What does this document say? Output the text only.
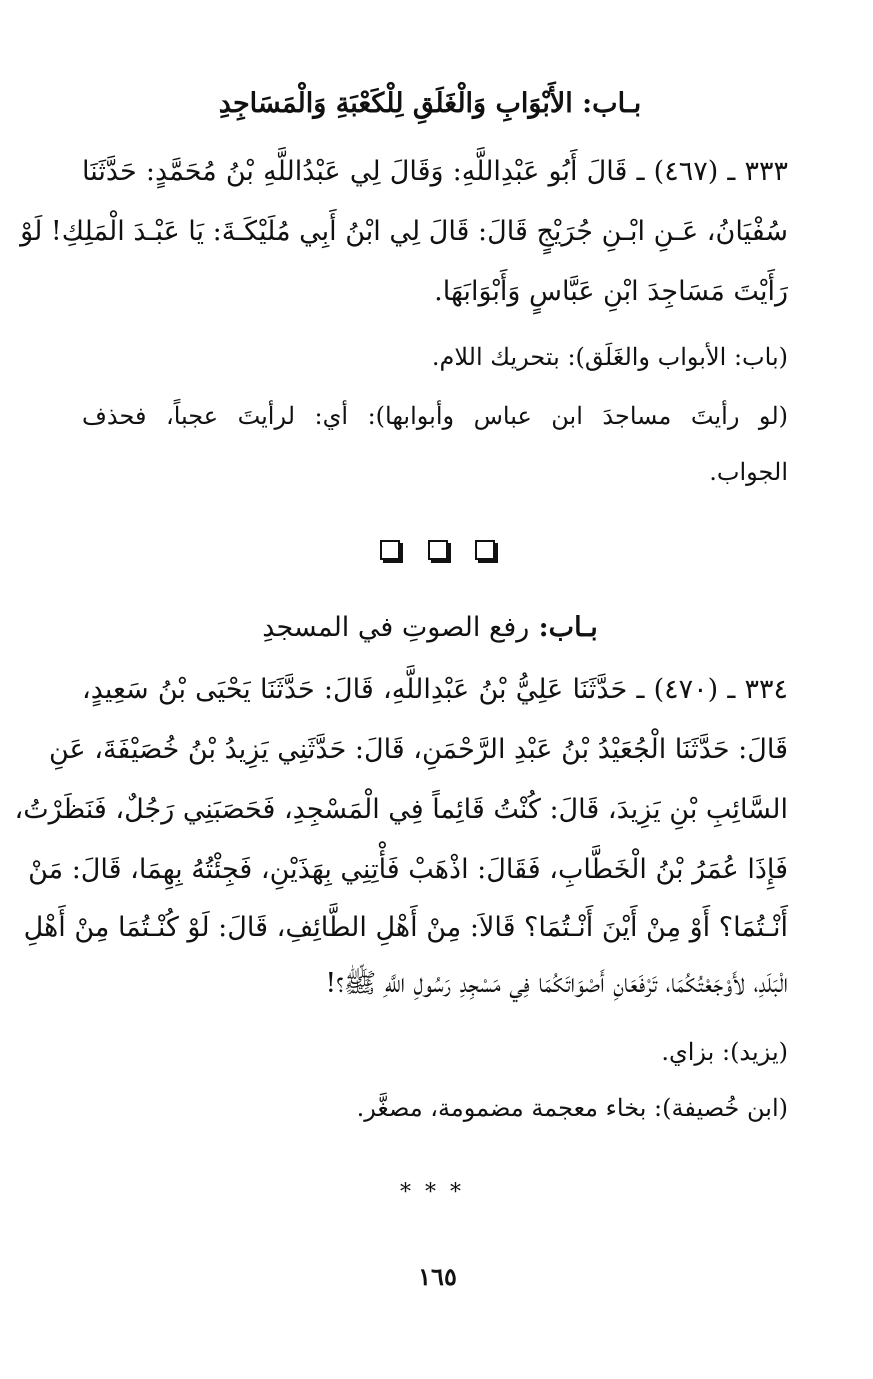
بـاب: الأَبْوَابِ وَالْغَلَقِ لِلْكَعْبَةِ وَالْمَسَاجِدِ
٣٣٣ ـ (٤٦٧) ـ قَالَ أَبُو عَبْدِاللَّهِ: وَقَالَ لِي عَبْدُاللَّهِ بْنُ مُحَمَّدٍ: حَدَّثَنَا
سُفْيَانُ، عَـنِ ابْـنِ جُرَيْجٍ قَالَ: قَالَ لِي ابْنُ أَبِي مُلَيْكَـةَ: يَا عَبْـدَ الْمَلِكِ! لَوْ
رَأَيْتَ مَسَاجِدَ ابْنِ عَبَّاسٍ وَأَبْوَابَهَا.
(باب: الأبواب والغَلَق): بتحريك اللام.
(لو رأيتَ مساجدَ ابن عباس وأبوابها): أي: لرأيتَ عجباً، فحذف
الجواب.
بـاب: رفع الصوتِ في المسجدِ
٣٣٤ ـ (٤٧٠) ـ حَدَّثَنَا عَلِيُّ بْنُ عَبْدِاللَّهِ، قَالَ: حَدَّثَنَا يَحْيَى بْنُ سَعِيدٍ،
قَالَ: حَدَّثَنَا الْجُعَيْدُ بْنُ عَبْدِ الرَّحْمَنِ، قَالَ: حَدَّثَنِي يَزِيدُ بْنُ خُصَيْفَةَ، عَنِ
السَّائِبِ بْنِ يَزِيدَ، قَالَ: كُنْتُ قَائِماً فِي الْمَسْجِدِ، فَحَصَبَنِي رَجُلٌ، فَنَظَرْتُ،
فَإِذَا عُمَرُ بْنُ الْخَطَّابِ، فَقَالَ: اذْهَبْ فَأْتِنِي بِهَذَيْنِ، فَجِئْتُهُ بِهِمَا، قَالَ: مَنْ
أَنْـتُمَا؟ أَوْ مِنْ أَيْنَ أَنْـتُمَا؟ قَالاَ: مِنْ أَهْلِ الطَّائِفِ، قَالَ: لَوْ كُنْـتُمَا مِنْ أَهْلِ
الْبَلَدِ، لأَوْجَعْتُكُمَا، تَرْفَعَانِ أَصْوَاتَكُمَا فِي مَسْجِدِ رَسُولِ اللَّهِ ﷺ؟!
(يزيد): بزاي.
(ابن خُصيفة): بخاء معجمة مضمومة، مصغَّر.
***
١٦٥
